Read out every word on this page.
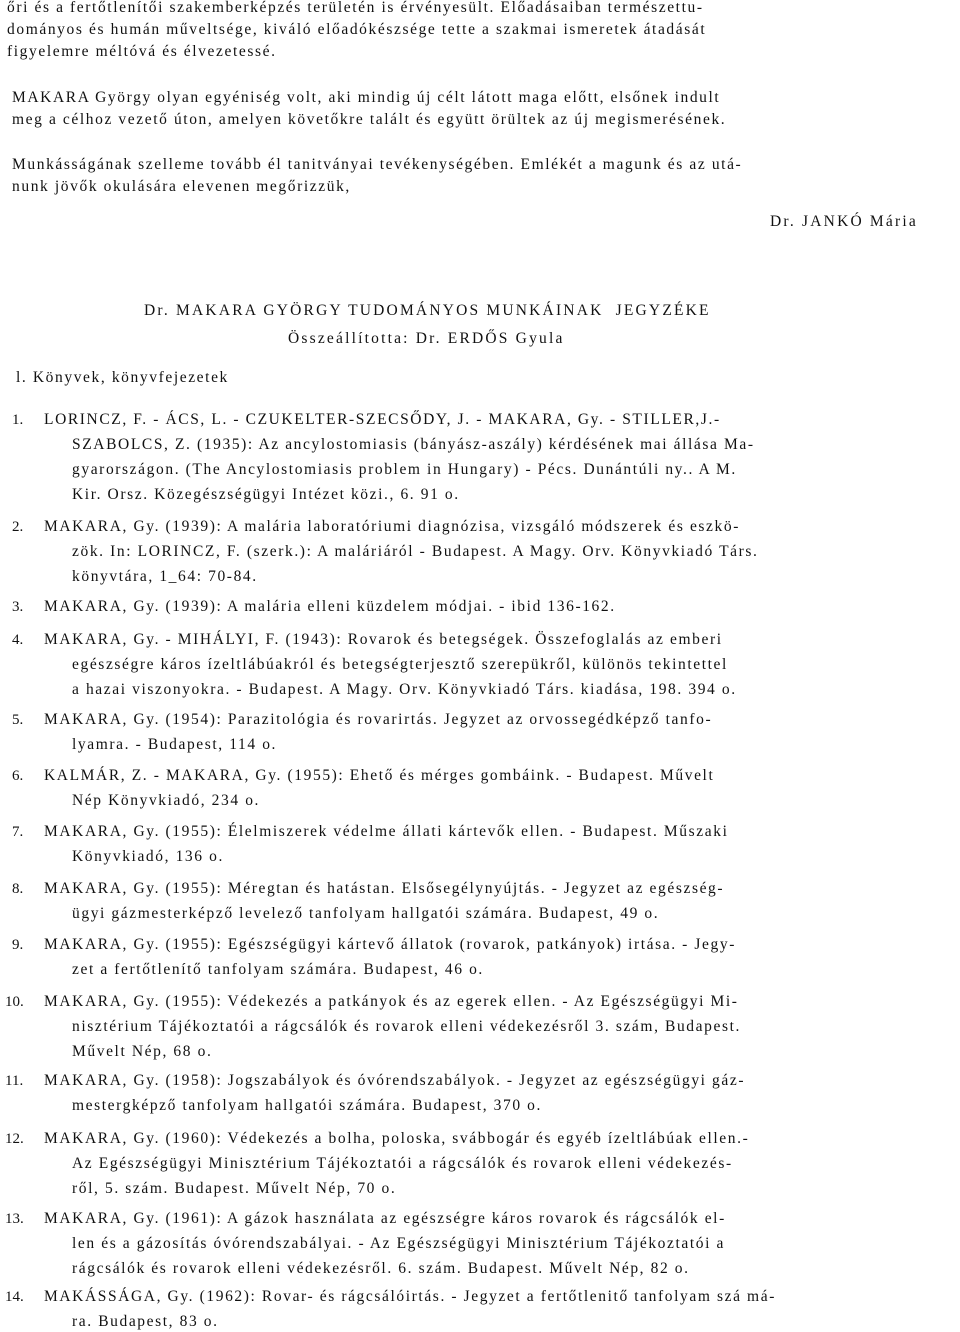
őri és a fertőtlenítői szakemberképzés területén is érvényesült. Előadásaiban természettu-
dományos és humán műveltsége, kiváló előadókészsége tette a szakmai ismeretek átadását
figyelemre méltóvá és élvezetessé.
MAKARA György olyan egyéniség volt, aki mindig új célt látott maga előtt, elsőnek indult
meg a célhoz vezető úton, amelyen követőkre talált és együtt örültek az új megismerésének.
Munkásságának szelleme tovább él tanitványai tevékenységében. Emlékét a magunk és az utá-
nunk jövők okulására elevenen megőrizzük,
Dr. JANKÓ Mária
Dr. MAKARA GYÖRGY TUDOMÁNYOS MUNKÁINAK  JEGYZÉKE
Összeállította: Dr. ERDŐS Gyula
l. Könyvek, könyvfejezetek
1. LORINCZ, F. - ÁCS, L. - CZUKELTER-SZECSŐDY, J. - MAKARA, Gy. - STILLER,J.-
SZABOLCS, Z. (1935): Az ancylostomiasis (bányász-aszály) kérdésének mai állása Ma-
gyarországon. (The Ancylostomiasis problem in Hungary) - Pécs. Dunántúli ny.. A M.
Kir. Orsz. Közegészségügyi Intézet közi., 6. 91 o.
2. MAKARA, Gy. (1939): A malária laboratóriumi diagnózisa, vizsgáló módszerek és eszkö-
zök. In: LORINCZ, F. (szerk.): A maláriáról - Budapest. A Magy. Orv. Könyvkiadó Társ.
könyvtára, 1_64: 70-84.
3. MAKARA, Gy. (1939): A malária elleni küzdelem módjai. - ibid 136-162.
4. MAKARA, Gy. - MIHÁLYI, F. (1943): Rovarok és betegségek. Összefoglalás az emberi
egészségre káros ízeltlábúakról és betegségterjesztő szerepükről, különös tekintettel
a hazai viszonyokra. - Budapest. A Magy. Orv. Könyvkiadó Társ. kiadása, 198. 394 o.
5. MAKARA, Gy. (1954): Parazitológia és rovarirtás. Jegyzet az orvossegédképző tanfo-
lyamra. - Budapest, 114 o.
6. KALMÁR, Z. - MAKARA, Gy. (1955): Ehető és mérges gombáink. - Budapest. Művelt
Nép Könyvkiadó, 234 o.
7. MAKARA, Gy. (1955): Élelmiszerek védelme állati kártevők ellen. - Budapest. Műszaki
Könyvkiadó, 136 o.
8. MAKARA, Gy. (1955): Méregtan és hatástan. Elsősegélynyújtás. - Jegyzet az egészség-
ügyi gázmesterképző levelező tanfolyam hallgatói számára. Budapest, 49 o.
9. MAKARA, Gy. (1955): Egészségügyi kártevő állatok (rovarok, patkányok) irtása. - Jegy-
zet a fertőtlenítő tanfolyam számára. Budapest, 46 o.
10. MAKARA, Gy. (1955): Védekezés a patkányok és az egerek ellen. - Az Egészségügyi Mi-
nisztérium Tájékoztatói a rágcsálók és rovarok elleni védekezésről 3. szám, Budapest.
Művelt Nép, 68 o.
11. MAKARA, Gy. (1958): Jogszabályok és óvórendszabályok. - Jegyzet az egészségügyi gáz-
mestergképző tanfolyam hallgatói számára. Budapest, 370 o.
12. MAKARA, Gy. (1960): Védekezés a bolha, poloska, svábbogár és egyéb ízeltlábúak ellen.-
Az Egészségügyi Minisztérium Tájékoztatói a rágcsálók és rovarok elleni védekezés-
ről, 5. szám. Budapest. Művelt Nép, 70 o.
13. MAKARA, Gy. (1961): A gázok használata az egészségre káros rovarok és rágcsálók el-
len és a gázosítás óvórendszabályai. - Az Egészségügyi Minisztérium Tájékoztatói a
rágcsálók és rovarok elleni védekezésről. 6. szám. Budapest. Művelt Nép, 82 o.
14. MAKÁSSÁGA, Gy. (1962): Rovar- és rágcsálóirtás. - Jegyzet a fertőtlenitő tanfolyam szá má-
ra. Budapest, 83 o.
